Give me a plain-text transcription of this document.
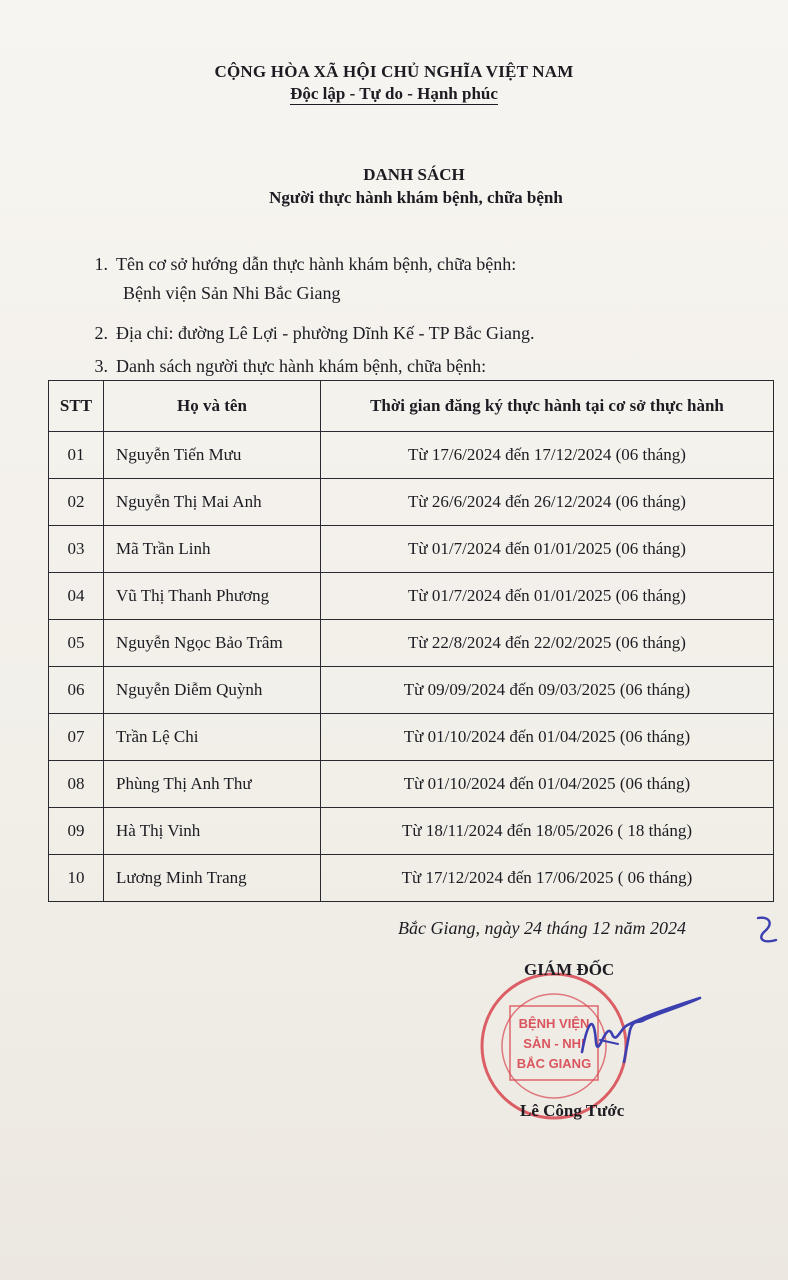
CỘNG HÒA XÃ HỘI CHỦ NGHĨA VIỆT NAM
Độc lập - Tự do - Hạnh phúc
DANH SÁCH
Người thực hành khám bệnh, chữa bệnh
1. Tên cơ sở hướng dẫn thực hành khám bệnh, chữa bệnh:
Bệnh viện Sản Nhi Bắc Giang
2. Địa chỉ: đường Lê Lợi - phường Dĩnh Kế - TP Bắc Giang.
3. Danh sách người thực hành khám bệnh, chữa bệnh:
STT	Họ và tên	Thời gian đăng ký thực hành tại cơ sở thực hành
01	Nguyễn Tiến Mưu	Từ 17/6/2024 đến 17/12/2024 (06 tháng)
02	Nguyễn Thị Mai Anh	Từ 26/6/2024 đến 26/12/2024 (06 tháng)
03	Mã Trần Linh	Từ 01/7/2024 đến 01/01/2025 (06 tháng)
04	Vũ Thị Thanh Phương	Từ 01/7/2024 đến 01/01/2025 (06 tháng)
05	Nguyễn Ngọc Bảo Trâm	Từ 22/8/2024 đến 22/02/2025 (06 tháng)
06	Nguyễn Diễm Quỳnh	Từ 09/09/2024 đến 09/03/2025 (06 tháng)
07	Trần Lệ Chi	Từ 01/10/2024 đến 01/04/2025 (06 tháng)
08	Phùng Thị Anh Thư	Từ 01/10/2024 đến 01/04/2025 (06 tháng)
09	Hà Thị Vinh	Từ 18/11/2024 đến 18/05/2026 ( 18 tháng)
10	Lương Minh Trang	Từ 17/12/2024 đến 17/06/2025 ( 06 tháng)
Bắc Giang, ngày 24 tháng 12 năm 2024
BỆNH VIỆN
SẢN - NHI
BẮC GIANG
GIÁM ĐỐC
Lê Công Tước
